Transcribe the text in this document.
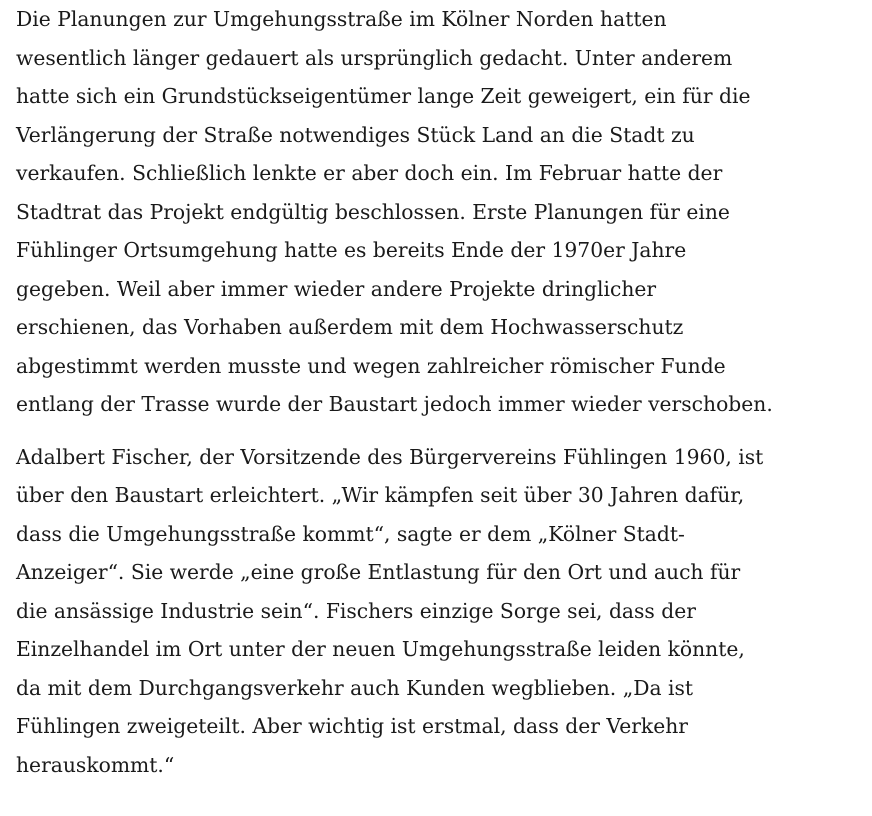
Die Planungen zur Umgehungsstraße im Kölner Norden hatten
wesentlich länger gedauert als ursprünglich gedacht. Unter anderem
hatte sich ein Grundstückseigentümer lange Zeit geweigert, ein für die
Verlängerung der Straße notwendiges Stück Land an die Stadt zu
verkaufen. Schließlich lenkte er aber doch ein. Im Februar hatte der
Stadtrat das Projekt endgültig beschlossen. Erste Planungen für eine
Fühlinger Ortsumgehung hatte es bereits Ende der 1970er Jahre
gegeben. Weil aber immer wieder andere Projekte dringlicher
erschienen, das Vorhaben außerdem mit dem Hochwasserschutz
abgestimmt werden musste und wegen zahlreicher römischer Funde
entlang der Trasse wurde der Baustart jedoch immer wieder verschoben.

Adalbert Fischer, der Vorsitzende des Bürgervereins Fühlingen 1960, ist
über den Baustart erleichtert. „Wir kämpfen seit über 30 Jahren dafür,
dass die Umgehungsstraße kommt“, sagte er dem „Kölner Stadt-
Anzeiger“. Sie werde „eine große Entlastung für den Ort und auch für
die ansässige Industrie sein“. Fischers einzige Sorge sei, dass der
Einzelhandel im Ort unter der neuen Umgehungsstraße leiden könnte,
da mit dem Durchgangsverkehr auch Kunden wegblieben. „Da ist
Fühlingen zweigeteilt. Aber wichtig ist erstmal, dass der Verkehr
herauskommt.“
